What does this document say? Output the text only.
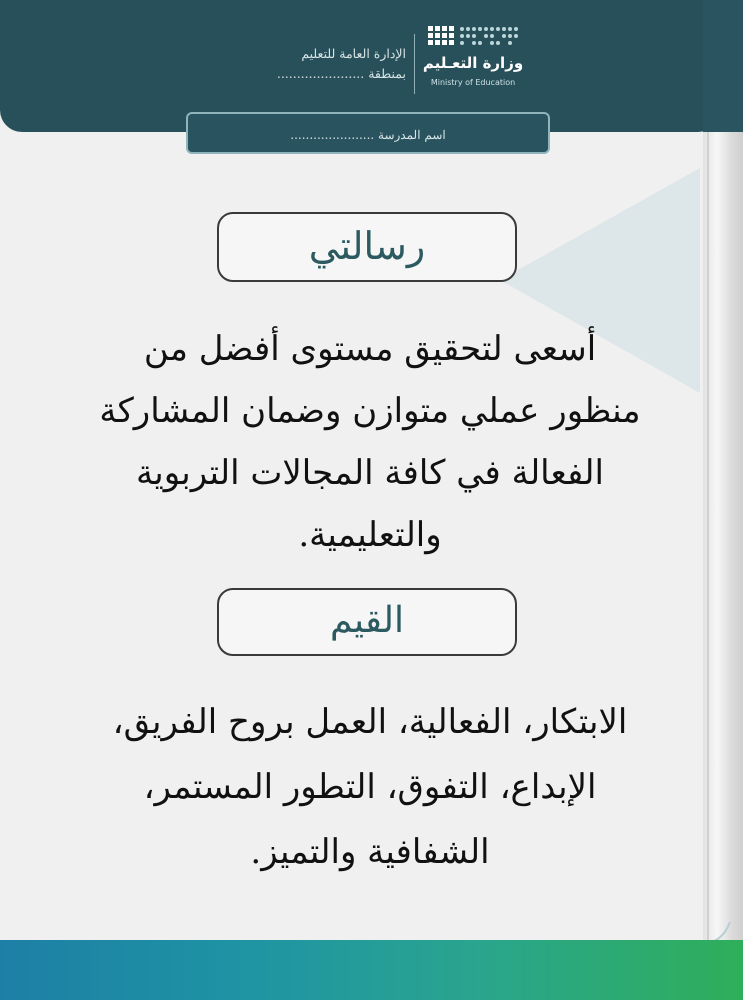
وزارة التعـليم
Ministry of Education
الإدارة العامة للتعليم
بمنطقة ......................
اسم المدرسة ......................
رسالتي
أسعى لتحقيق مستوى أفضل من
منظور عملي متوازن وضمان المشاركة
الفعالة في كافة المجالات التربوية
والتعليمية.
القيم
الابتكار، الفعالية، العمل بروح الفريق،
الإبداع، التفوق، التطور المستمر،
الشفافية والتميز.
